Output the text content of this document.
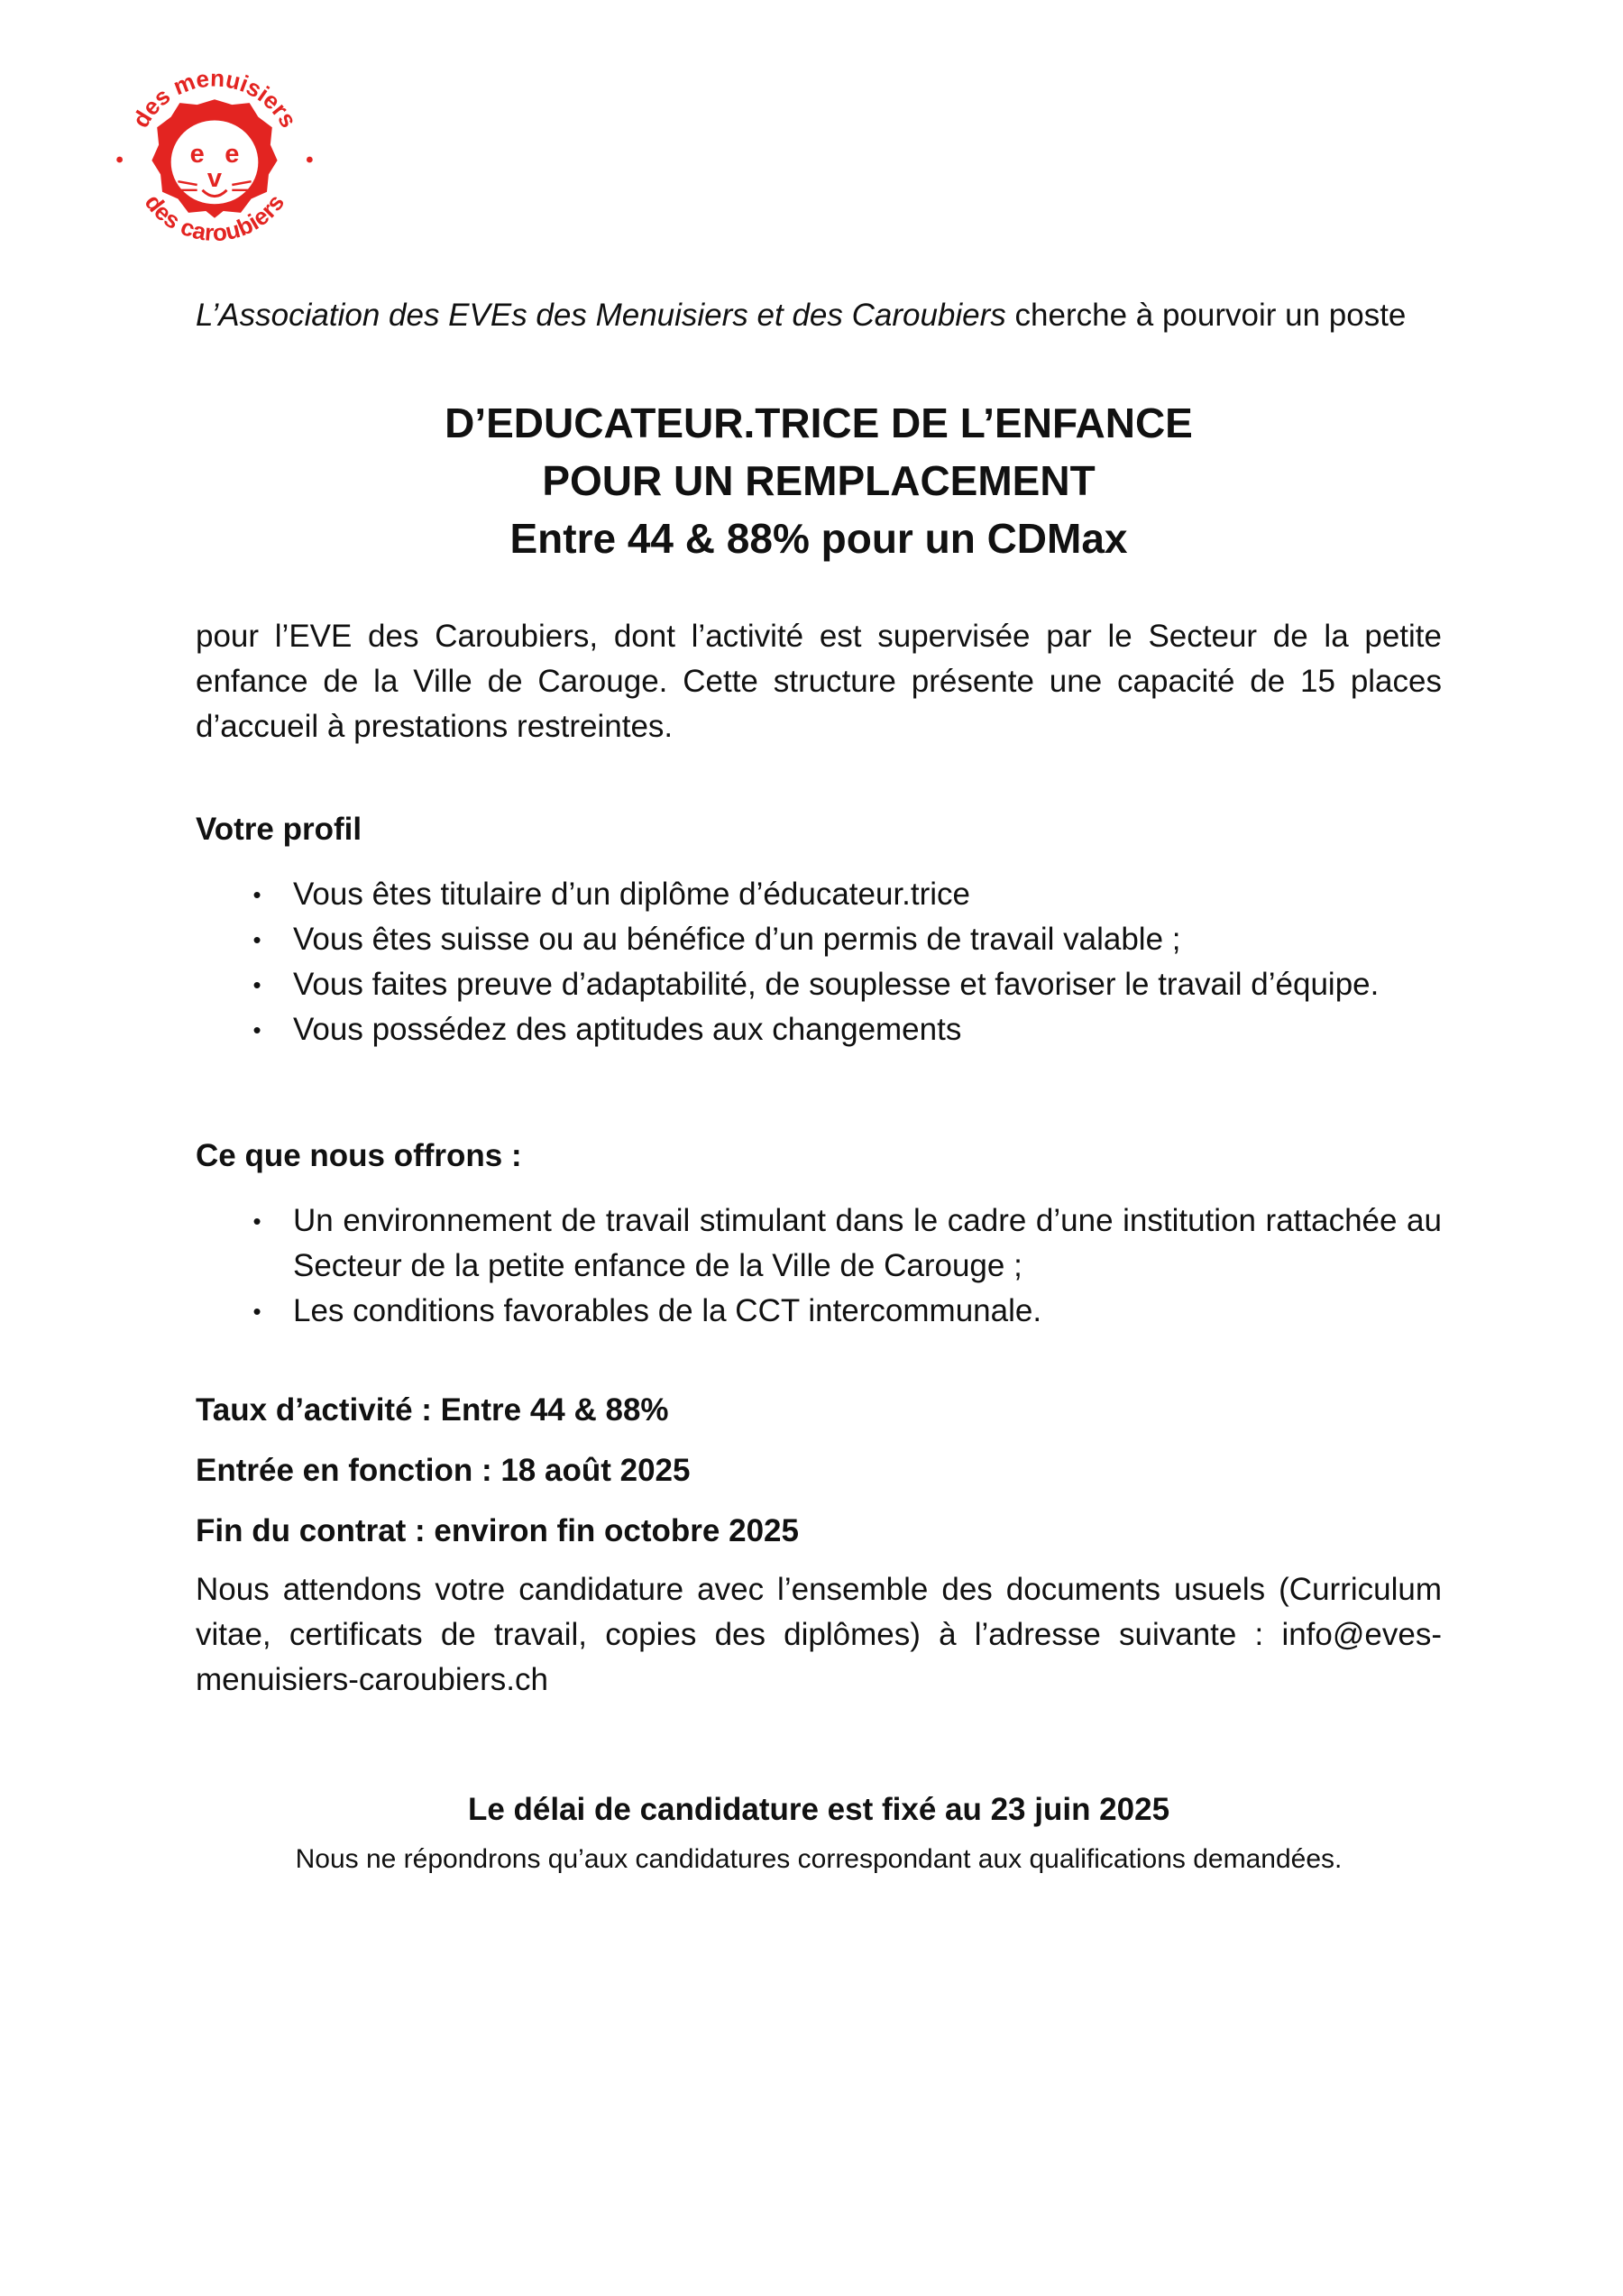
des menuisiers
des caroubiers
e e
v

L’Association des EVEs des Menuisiers et des Caroubiers cherche à pourvoir un poste

D’EDUCATEUR.TRICE DE L’ENFANCE
POUR UN REMPLACEMENT
Entre 44 & 88% pour un CDMax

pour l’EVE des Caroubiers, dont l’activité est supervisée par le Secteur de la petite enfance de la Ville de Carouge. Cette structure présente une capacité de 15 places d’accueil à prestations restreintes.

Votre profil

• Vous êtes titulaire d’un diplôme d’éducateur.trice
• Vous êtes suisse ou au bénéfice d’un permis de travail valable ;
• Vous faites preuve d’adaptabilité, de souplesse et favoriser le travail d’équipe.
• Vous possédez des aptitudes aux changements

Ce que nous offrons :

• Un environnement de travail stimulant dans le cadre d’une institution rattachée au Secteur de la petite enfance de la Ville de Carouge ;
• Les conditions favorables de la CCT intercommunale.

Taux d’activité : Entre 44 & 88%

Entrée en fonction : 18 août 2025

Fin du contrat : environ fin octobre 2025

Nous attendons votre candidature avec l’ensemble des documents usuels (Curriculum vitae, certificats de travail, copies des diplômes) à l’adresse suivante : info@eves-menuisiers-caroubiers.ch

Le délai de candidature est fixé au 23 juin 2025

Nous ne répondrons qu’aux candidatures correspondant aux qualifications demandées.
